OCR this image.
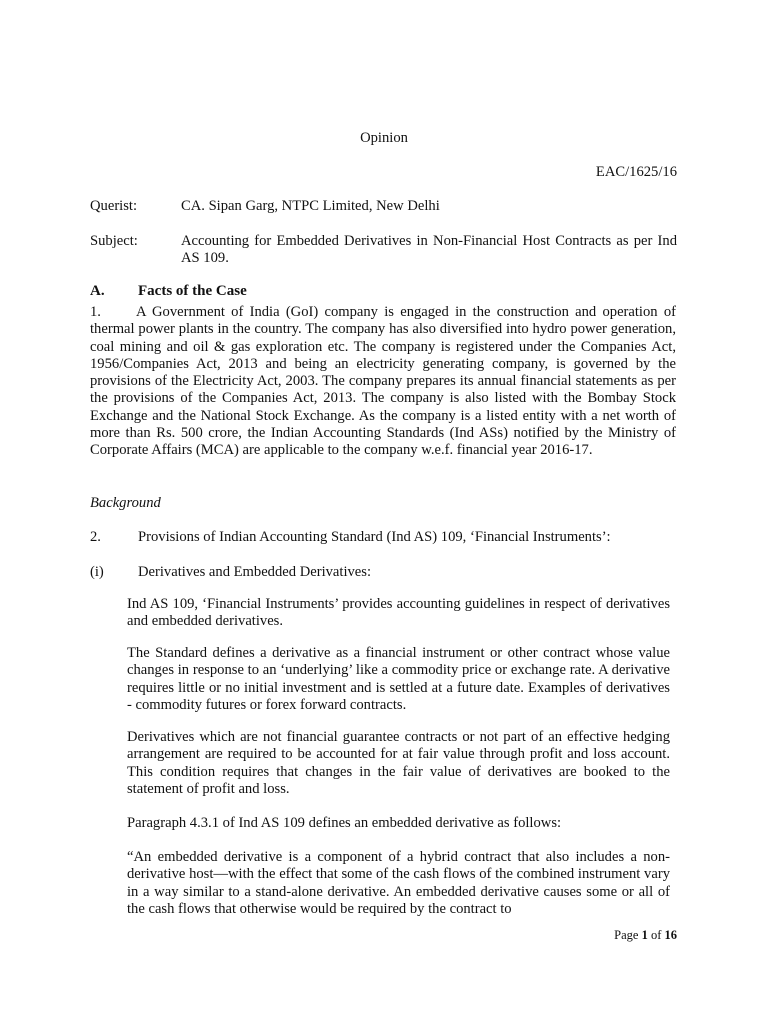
Opinion
EAC/1625/16
Querist:	CA. Sipan Garg, NTPC Limited, New Delhi
Subject:	Accounting for Embedded Derivatives in Non-Financial Host Contracts as per Ind AS 109.
A. Facts of the Case
1. A Government of India (GoI) company is engaged in the construction and operation of thermal power plants in the country. The company has also diversified into hydro power generation, coal mining and oil & gas exploration etc. The company is registered under the Companies Act, 1956/Companies Act, 2013 and being an electricity generating company, is governed by the provisions of the Electricity Act, 2003. The company prepares its annual financial statements as per the provisions of the Companies Act, 2013. The company is also listed with the Bombay Stock Exchange and the National Stock Exchange. As the company is a listed entity with a net worth of more than Rs. 500 crore, the Indian Accounting Standards (Ind ASs) notified by the Ministry of Corporate Affairs (MCA) are applicable to the company w.e.f. financial year 2016-17.
Background
2.	Provisions of Indian Accounting Standard (Ind AS) 109, ‘Financial Instruments’:
(i) Derivatives and Embedded Derivatives:
Ind AS 109, ‘Financial Instruments’ provides accounting guidelines in respect of derivatives and embedded derivatives.
The Standard defines a derivative as a financial instrument or other contract whose value changes in response to an ‘underlying’ like a commodity price or exchange rate. A derivative requires little or no initial investment and is settled at a future date. Examples of derivatives - commodity futures or forex forward contracts.
Derivatives which are not financial guarantee contracts or not part of an effective hedging arrangement are required to be accounted for at fair value through profit and loss account. This condition requires that changes in the fair value of derivatives are booked to the statement of profit and loss.
Paragraph 4.3.1 of Ind AS 109 defines an embedded derivative as follows:
“An embedded derivative is a component of a hybrid contract that also includes a non-derivative host—with the effect that some of the cash flows of the combined instrument vary in a way similar to a stand-alone derivative. An embedded derivative causes some or all of the cash flows that otherwise would be required by the contract to
Page 1 of 16
